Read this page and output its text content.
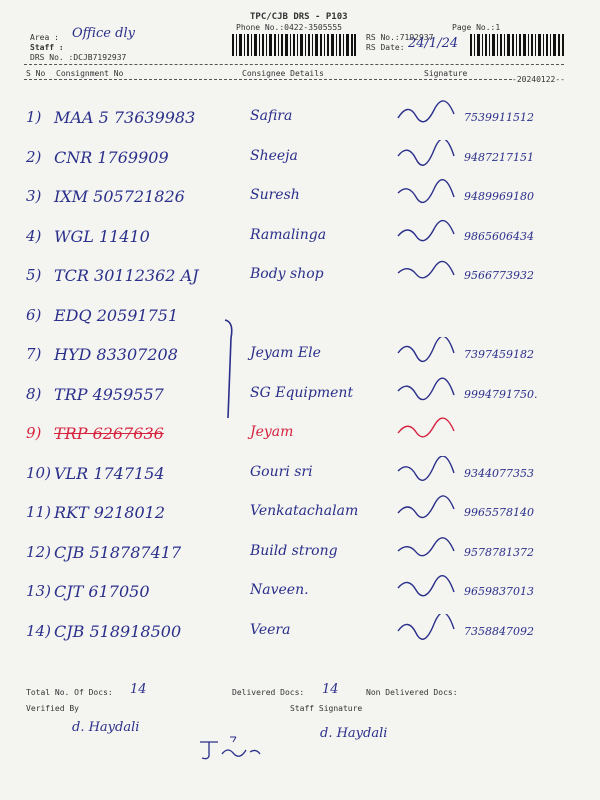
TPC/CJB DRS - P103
Phone No.:0422-3505555
Area : Office dly
Staff :
DRS No. :DCJB7192937
RS No.:7192937
RS Date: 24/1/24
Page No.:1
S No Consignment No	Consignee Details	Signature
-20240122--
1) MAA 5 73639983	Safira	7539911512
2) CNR 1769909	Sheeja	9487217151
3) IXM 505721826	Suresh	9489969180
4) WGL 11410	Ramalinga	9865606434
5) TCR 30112362 AJ	Body shop	9566773932
6) EDQ 20591751
7) HYD 83307208	Jeyam Ele	7397459182
8) TRP 4959557	SG Equipment	9994791750.
9) TRP 6267636	Jeyam
10) VLR 1747154	Gouri sri	9344077353
11) RKT 9218012	Venkatachalam	9965578140
12) CJB 518787417	Build strong	9578781372
13) CJT 617050	Naveen.	9659837013
14) CJB 518918500	Veera	7358847092
Total No. Of Docs: 14	Delivered Docs: 14	Non Delivered Docs:
Verified By	Staff Signature
d. Haydali	d. Haydali
